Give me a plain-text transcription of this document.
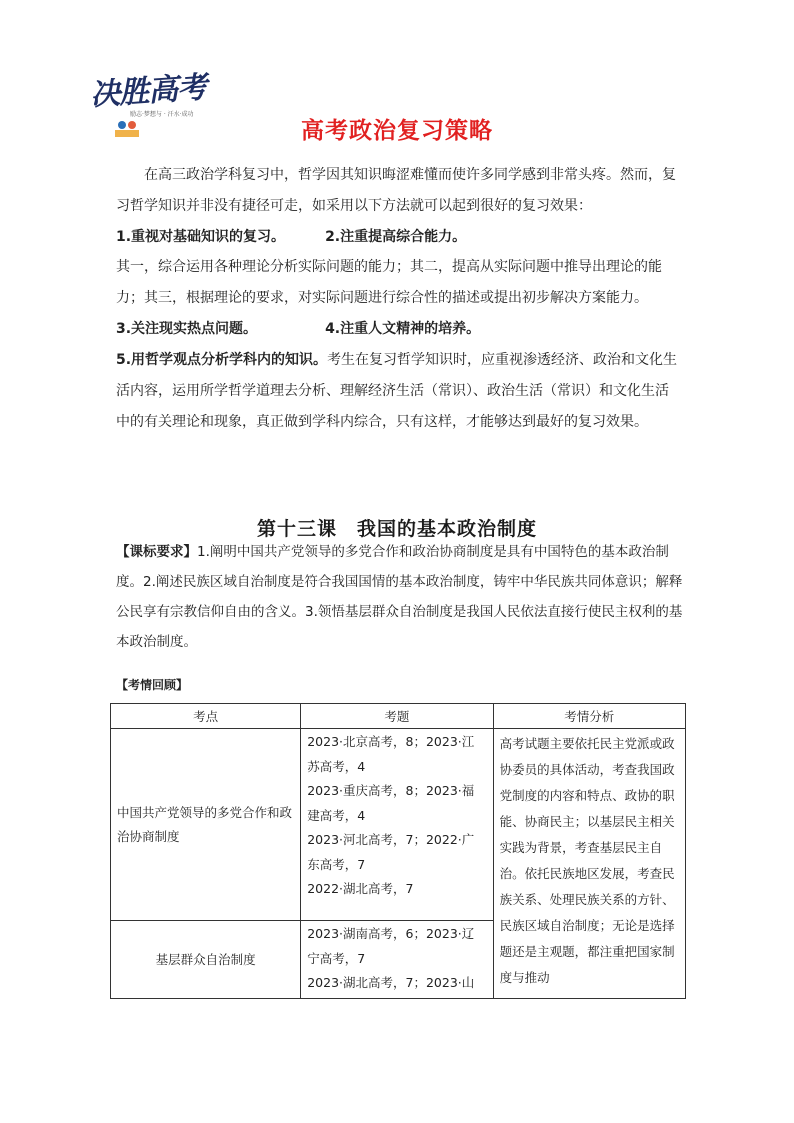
决胜高考
励志·梦想与 · 汗水·成功
高考政治复习策略
在高三政治学科复习中，哲学因其知识晦涩难懂而使许多同学感到非常头疼。然而，复习哲学知识并非没有捷径可走，如采用以下方法就可以起到很好的复习效果：
1.重视对基础知识的复习。	2.注重提高综合能力。
其一，综合运用各种理论分析实际问题的能力；其二，提高从实际问题中推导出理论的能力；其三，根据理论的要求，对实际问题进行综合性的描述或提出初步解决方案能力。
3.关注现实热点问题。	4.注重人文精神的培养。
5.用哲学观点分析学科内的知识。考生在复习哲学知识时，应重视渗透经济、政治和文化生活内容，运用所学哲学道理去分析、理解经济生活（常识）、政治生活（常识）和文化生活中的有关理论和现象，真正做到学科内综合，只有这样，才能够达到最好的复习效果。
第十三课　我国的基本政治制度
【课标要求】1.阐明中国共产党领导的多党合作和政治协商制度是具有中国特色的基本政治制度。2.阐述民族区域自治制度是符合我国国情的基本政治制度，铸牢中华民族共同体意识；解释公民享有宗教信仰自由的含义。3.领悟基层群众自治制度是我国人民依法直接行使民主权利的基本政治制度。
【考情回顾】
考点	考题	考情分析
中国共产党领导的多党合作和政治协商制度	2023·北京高考，8；2023·江苏高考，4
2023·重庆高考，8；2023·福建高考，4
2023·河北高考，7；2022·广东高考，7
2022·湖北高考，7	高考试题主要依托民主党派或政协委员的具体活动，考查我国政党制度的内容和特点、政协的职能、协商民主；以基层民主相关实践为背景，考查基层民主自治。依托民族地区发展，考查民族关系、处理民族关系的方针、民族区域自治制度；无论是选择题还是主观题，都注重把国家制度与推动
基层群众自治制度	2023·湖南高考，6；2023·辽宁高考，7
2023·湖北高考，7；2023·山	
